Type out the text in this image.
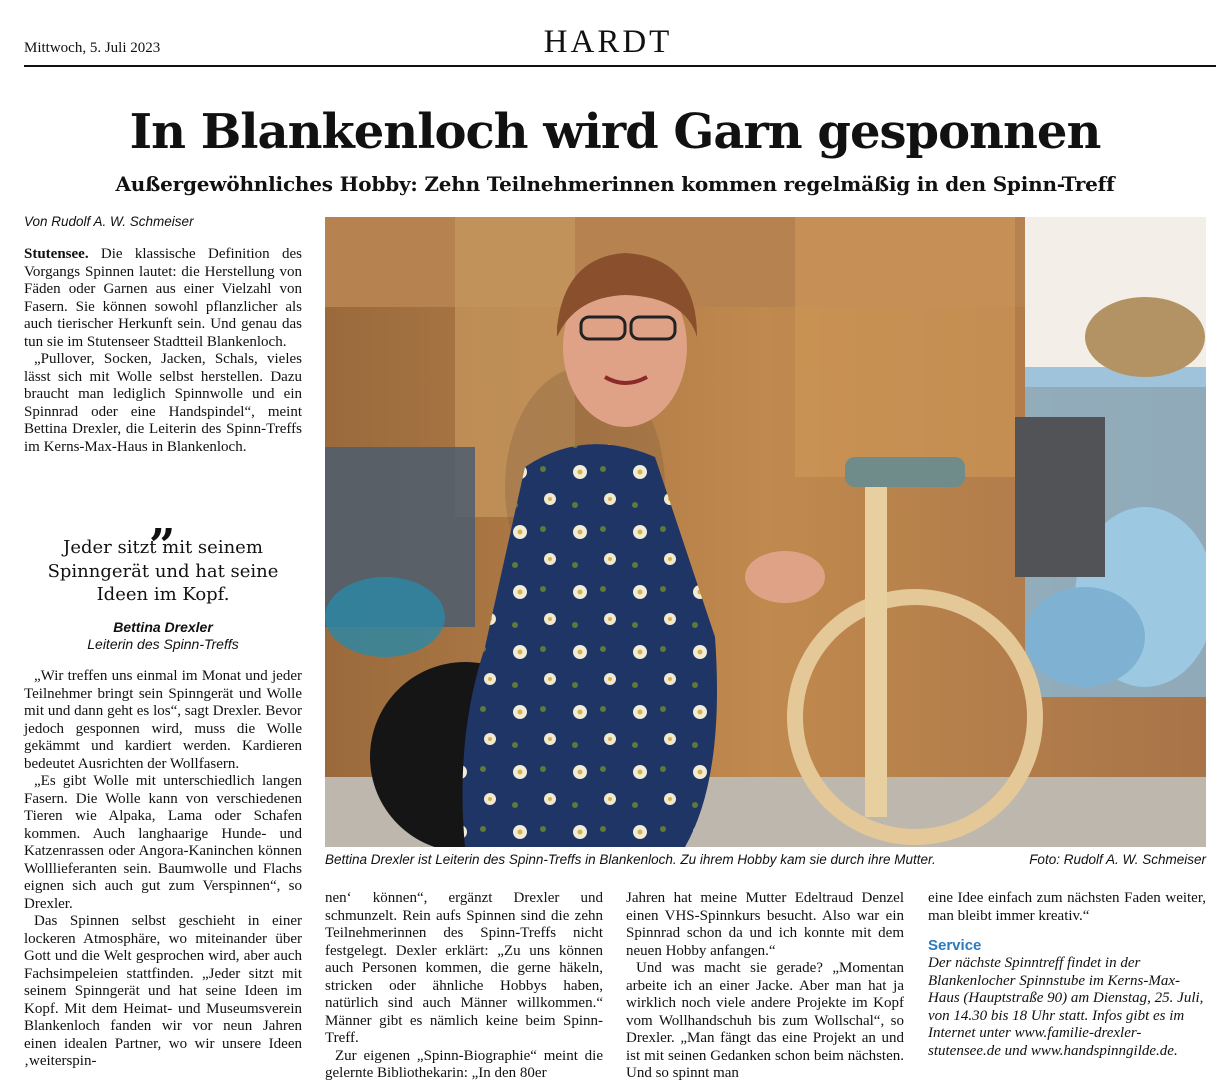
Mittwoch, 5. Juli 2023	HARDT
In Blankenloch wird Garn gesponnen
Außergewöhnliches Hobby: Zehn Teilnehmerinnen kommen regelmäßig in den Spinn-Treff
Von Rudolf A. W. Schmeiser

Stutensee. Die klassische Definition des Vorgangs Spinnen lautet: die Herstellung von Fäden oder Garnen aus einer Vielzahl von Fasern. Sie können sowohl pflanzlicher als auch tierischer Herkunft sein. Und genau das tun sie im Stutenseer Stadtteil Blankenloch.

„Pullover, Socken, Jacken, Schals, vieles lässt sich mit Wolle selbst herstellen. Dazu braucht man lediglich Spinnwolle und ein Spinnrad oder eine Handspindel“, meint Bettina Drexler, die Leiterin des Spinn-Treffs im Kerns-Max-Haus in Blankenloch.

„
Jeder sitzt mit seinem Spinngerät und hat seine Ideen im Kopf.
Bettina Drexler
Leiterin des Spinn-Treffs

„Wir treffen uns einmal im Monat und jeder Teilnehmer bringt sein Spinngerät und Wolle mit und dann geht es los“, sagt Drexler. Bevor jedoch gesponnen wird, muss die Wolle gekämmt und kardiert werden. Kardieren bedeutet Ausrichten der Wollfasern.

„Es gibt Wolle mit unterschiedlich langen Fasern. Die Wolle kann von verschiedenen Tieren wie Alpaka, Lama oder Schafen kommen. Auch langhaarige Hunde- und Katzenrassen oder Angora-Kaninchen können Wolllieferanten sein. Baumwolle und Flachs eignen sich auch gut zum Verspinnen“, so Drexler.

Das Spinnen selbst geschieht in einer lockeren Atmosphäre, wo miteinander über Gott und die Welt gesprochen wird, aber auch Fachsimpeleien stattfinden. „Jeder sitzt mit seinem Spinngerät und hat seine Ideen im Kopf. Mit dem Heimat- und Museumsverein Blankenloch fanden wir vor neun Jahren einen idealen Partner, wo wir unsere Ideen ‚weiterspin-

Bettina Drexler ist Leiterin des Spinn-Treffs in Blankenloch. Zu ihrem Hobby kam sie durch ihre Mutter.	Foto: Rudolf A. W. Schmeiser

nen‘ können“, ergänzt Drexler und schmunzelt. Rein aufs Spinnen sind die zehn Teilnehmerinnen des Spinn-Treffs nicht festgelegt. Dexler erklärt: „Zu uns können auch Personen kommen, die gerne häkeln, stricken oder ähnliche Hobbys haben, natürlich sind auch Männer willkommen.“ Männer gibt es nämlich keine beim Spinn-Treff.

Zur eigenen „Spinn-Biographie“ meint die gelernte Bibliothekarin: „In den 80er

Jahren hat meine Mutter Edeltraud Denzel einen VHS-Spinnkurs besucht. Also war ein Spinnrad schon da und ich konnte mit dem neuen Hobby anfangen.“

Und was macht sie gerade? „Momentan arbeite ich an einer Jacke. Aber man hat ja wirklich noch viele andere Projekte im Kopf vom Wollhandschuh bis zum Wollschal“, so Drexler. „Man fängt das eine Projekt an und ist mit seinen Gedanken schon beim nächsten. Und so spinnt man

eine Idee einfach zum nächsten Faden weiter, man bleibt immer kreativ.“

Service
Der nächste Spinntreff findet in der Blankenlocher Spinnstube im Kerns-Max-Haus (Hauptstraße 90) am Dienstag, 25. Juli, von 14.30 bis 18 Uhr statt. Infos gibt es im Internet unter www.familie-drexler-stutensee.de und www.handspinngilde.de.
